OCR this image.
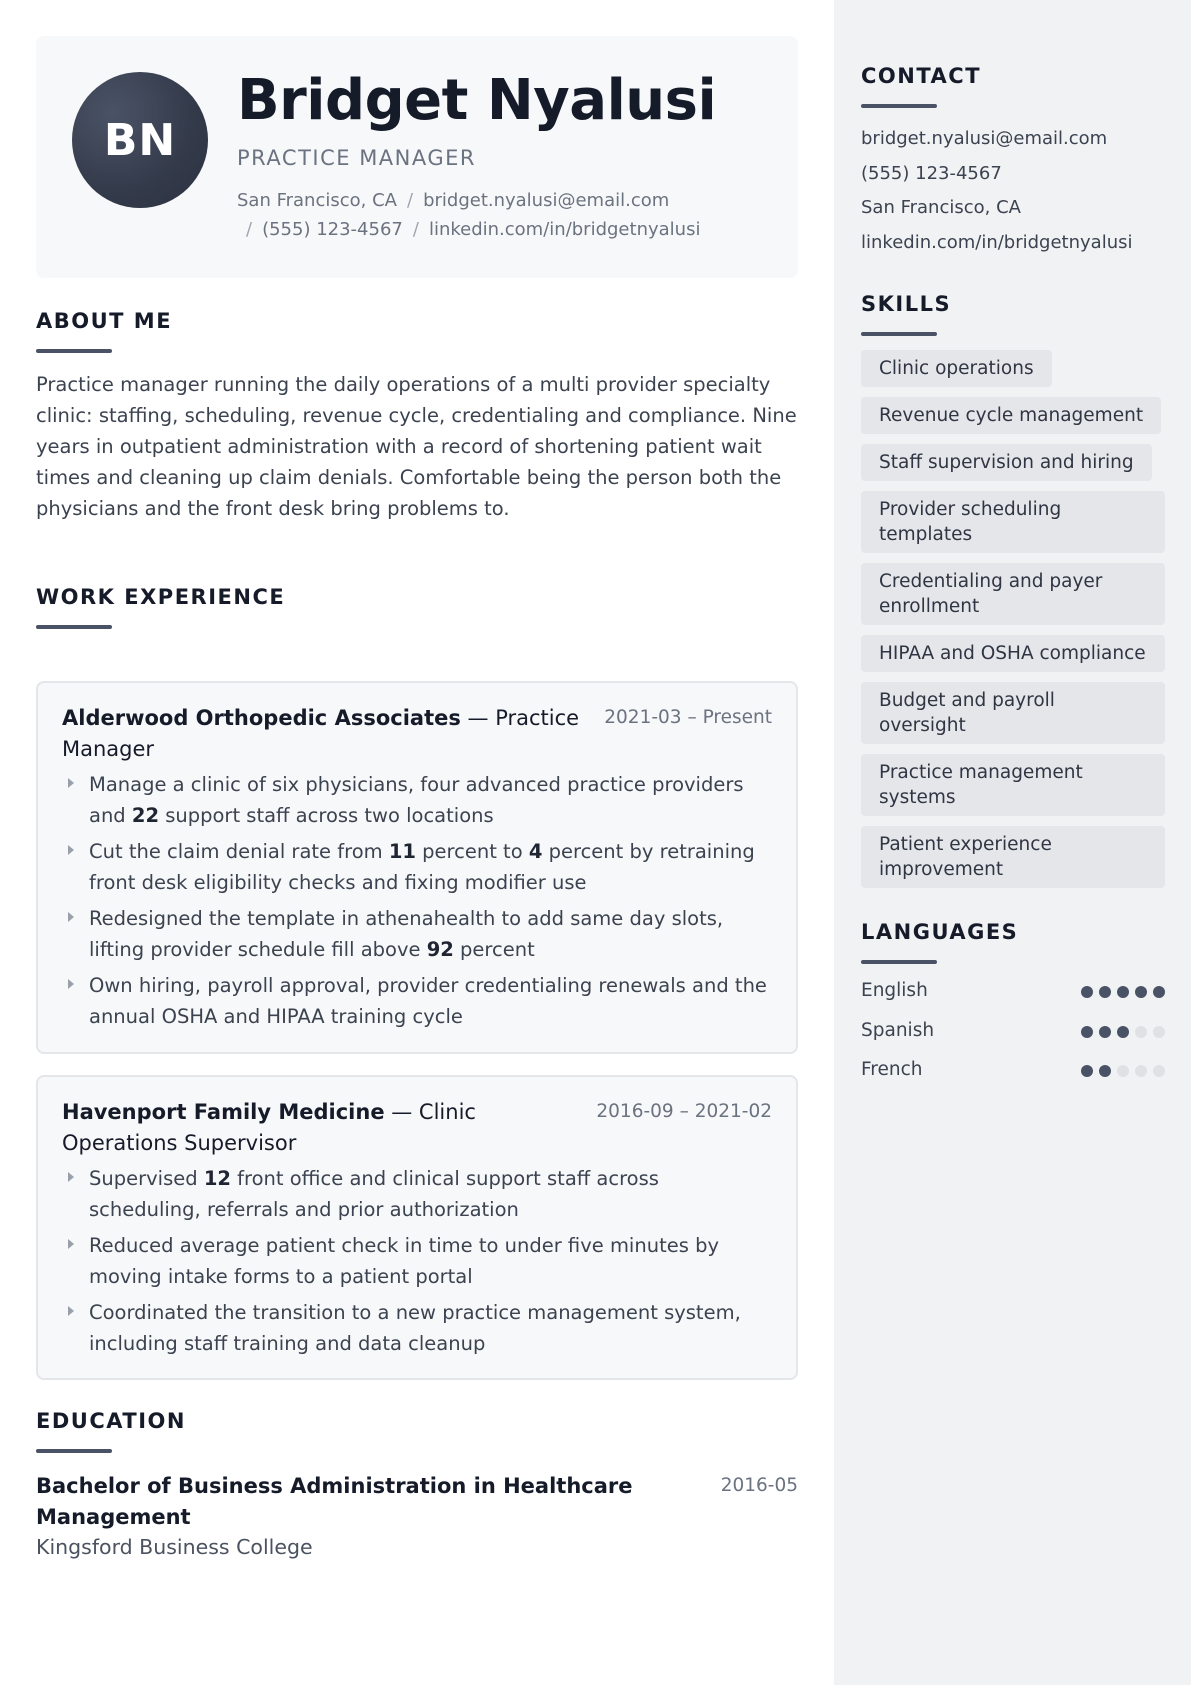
BN
Bridget Nyalusi
PRACTICE MANAGER
San Francisco, CA / bridget.nyalusi@email.com
/ (555) 123-4567 / linkedin.com/in/bridgetnyalusi
ABOUT ME

Practice manager running the daily operations of a multi provider specialty clinic: staffing, scheduling, revenue cycle, credentialing and compliance. Nine years in outpatient administration with a record of shortening patient wait times and cleaning up claim denials. Comfortable being the person both the physicians and the front desk bring problems to.

WORK EXPERIENCE
Alderwood Orthopedic Associates — Practice Manager
2021-03 – Present
Manage a clinic of six physicians, four advanced practice providers and 22 support staff across two locations
Cut the claim denial rate from 11 percent to 4 percent by retraining front desk eligibility checks and fixing modifier use
Redesigned the template in athenahealth to add same day slots, lifting provider schedule fill above 92 percent
Own hiring, payroll approval, provider credentialing renewals and the annual OSHA and HIPAA training cycle
Havenport Family Medicine — Clinic Operations Supervisor
2016-09 – 2021-02
Supervised 12 front office and clinical support staff across scheduling, referrals and prior authorization
Reduced average patient check in time to under five minutes by moving intake forms to a patient portal
Coordinated the transition to a new practice management system, including staff training and data cleanup
EDUCATION
Bachelor of Business Administration in Healthcare Management
2016-05
Kingsford Business College
CONTACT
bridget.nyalusi@email.com
(555) 123-4567
San Francisco, CA
linkedin.com/in/bridgetnyalusi
SKILLS
Clinic operations
Revenue cycle management
Staff supervision and hiring
Provider scheduling templates
Credentialing and payer enrollment
HIPAA and OSHA compliance
Budget and payroll oversight
Practice management systems
Patient experience improvement
LANGUAGES
English
Spanish
French
